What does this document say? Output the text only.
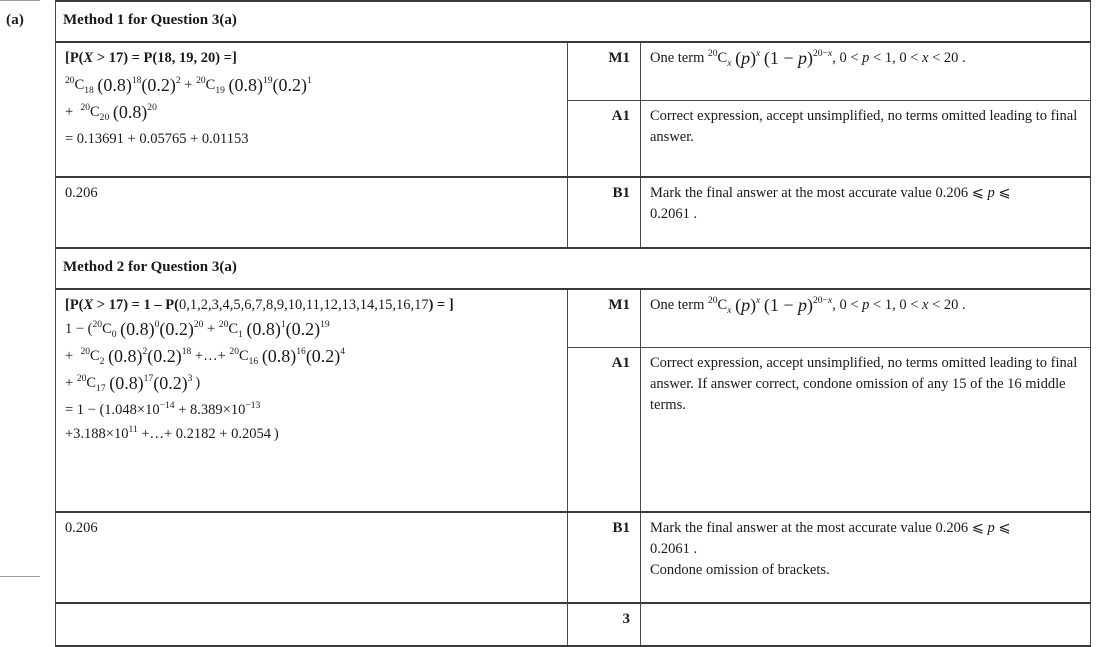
(a)	Method 1 for Question 3(a)		

[P(X > 17) = P(18, 19, 20) =]
$^{20}C_{18}$ $(0.8)^{18}(0.2)^2 + ^{20}C_{19}$ $(0.8)^{19}(0.2)^1$
+  $^{20}C_{20}$ $(0.8)^{20}$
= 0.13691 + 0.05765 + 0.01153	M1	One term $^{20}C_x$ $(p)^x$ $(1 - p)^{20-x}$, 0 < p < 1, 0 < x < 20 .
	A1	Correct expression, accept unsimplified, no terms omitted leading to final answer.
0.206	B1	Mark the final answer at the most accurate value 0.206 ⩽ p ⩽
0.2061 .

Method 2 for Question 3(a)		

[P(X > 17) = 1 – P(0,1,2,3,4,5,6,7,8,9,10,11,12,13,14,15,16,17) = ]
$1 - (^{20}C_0$ $(0.8)^0(0.2)^{20} + ^{20}C_1$ $(0.8)^1(0.2)^{19}$
+  $^{20}C_2$ $(0.8)^2(0.2)^{18}$ +…+ $^{20}C_{16}$ $(0.8)^{16}(0.2)^4$
+ $^{20}C_{17}$ $(0.8)^{17}(0.2)^3$ )
= $1 - (1.048\times 10^{-14} + 8.389\times 10^{-13}$
$+3.188\times 10^{11}$ +…+ 0.2182 + 0.2054 )
	M1	One term $^{20}C_x$ $(p)^x$ $(1 - p)^{20-x}$, 0 < p < 1, 0 < x < 20 .
	A1	Correct expression, accept unsimplified, no terms omitted leading to final answer. If answer correct, condone omission of any 15 of the 16 middle terms.
0.206	B1	Mark the final answer at the most accurate value 0.206 ⩽ p ⩽
0.2061 .
Condone omission of brackets.

	3	
